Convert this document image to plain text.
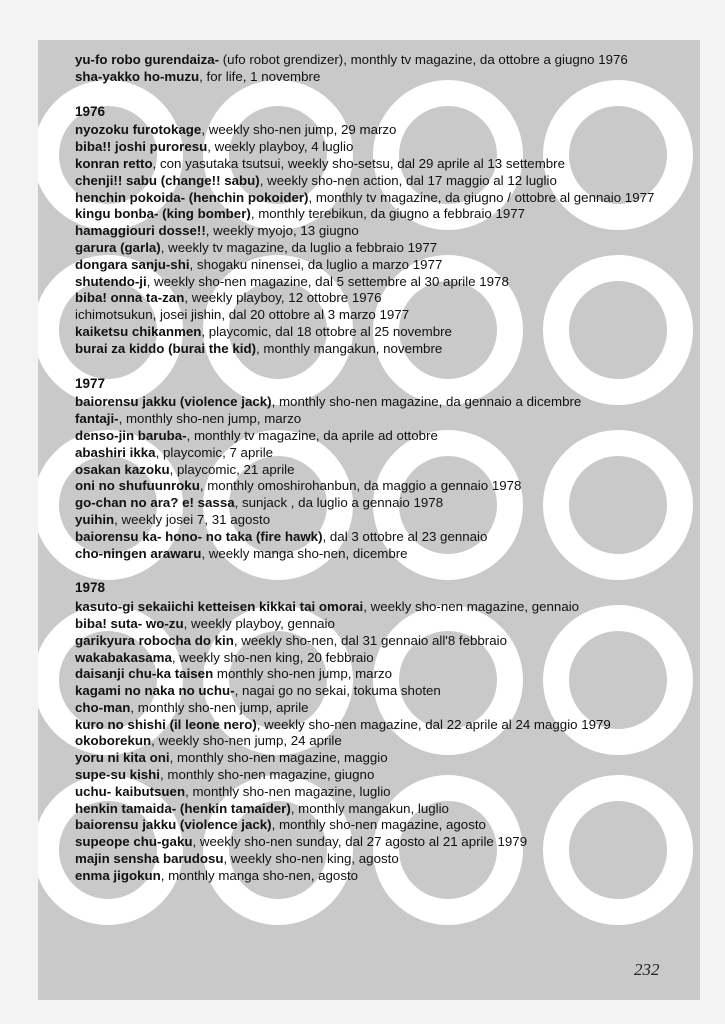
yu-fo robo gurendaiza- (ufo robot grendizer), monthly tv magazine, da ottobre a giugno 1976
sha-yakko ho-muzu, for life, 1 novembre
1976
nyozoku furotokage, weekly sho-nen jump, 29 marzo
biba!! joshi puroresu, weekly playboy, 4 luglio
konran retto, con yasutaka tsutsui, weekly sho-setsu, dal 29 aprile al 13 settembre
chenji!! sabu (change!! sabu), weekly sho-nen action, dal 17 maggio al 12 luglio
henchin pokoida- (henchin pokoider), monthly tv magazine, da giugno / ottobre al gennaio 1977
kingu bonba- (king bomber), monthly terebikun, da giugno a febbraio 1977
hamaggiouri dosse!!, weekly myojo, 13 giugno
garura (garla), weekly tv magazine, da luglio a febbraio 1977
dongara sanju-shi, shogaku ninensei, da luglio a marzo 1977
shutendo-ji, weekly sho-nen magazine, dal 5 settembre al 30 aprile 1978
biba! onna ta-zan, weekly playboy, 12 ottobre 1976
ichimotsukun, josei jishin, dal 20 ottobre al 3 marzo 1977
kaiketsu chikanmen, playcomic, dal 18 ottobre al 25 novembre
burai za kiddo (burai the kid), monthly mangakun, novembre
1977
baiorensu jakku (violence jack), monthly sho-nen magazine, da gennaio a dicembre
fantaji-, monthly sho-nen jump, marzo
denso-jin baruba-, monthly tv magazine, da aprile ad ottobre
abashiri ikka, playcomic, 7 aprile
osakan kazoku, playcomic, 21 aprile
oni no shufuunroku, monthly omoshirohanbun, da maggio a gennaio 1978
go-chan no ara? e! sassa, sunjack , da luglio a gennaio 1978
yuihin, weekly josei 7, 31 agosto
baiorensu ka- hono- no taka (fire hawk), dal 3 ottobre al 23 gennaio
cho-ningen arawaru, weekly manga sho-nen, dicembre
1978
kasuto-gi sekaiichi ketteisen kikkai tai omorai, weekly sho-nen magazine, gennaio
biba! suta- wo-zu, weekly playboy, gennaio
garikyura robocha do kin, weekly sho-nen, dal 31 gennaio all'8 febbraio
wakabakasama, weekly sho-nen king, 20 febbraio
daisanji chu-ka taisen monthly sho-nen jump, marzo
kagami no naka no uchu-, nagai go no sekai, tokuma shoten
cho-man, monthly sho-nen jump, aprile
kuro no shishi (il leone nero), weekly sho-nen magazine, dal 22 aprile al 24 maggio 1979
okoborekun, weekly sho-nen jump, 24 aprile
yoru ni kita oni, monthly sho-nen magazine, maggio
supe-su kishi, monthly sho-nen magazine, giugno
uchu- kaibutsuen, monthly sho-nen magazine, luglio
henkin tamaida- (henkin tamaider), monthly mangakun, luglio
baiorensu jakku (violence jack), monthly sho-nen magazine, agosto
supeope chu-gaku, weekly sho-nen sunday, dal 27 agosto al 21 aprile 1979
majin sensha barudosu, weekly sho-nen king, agosto
enma jigokun, monthly manga sho-nen, agosto
232
